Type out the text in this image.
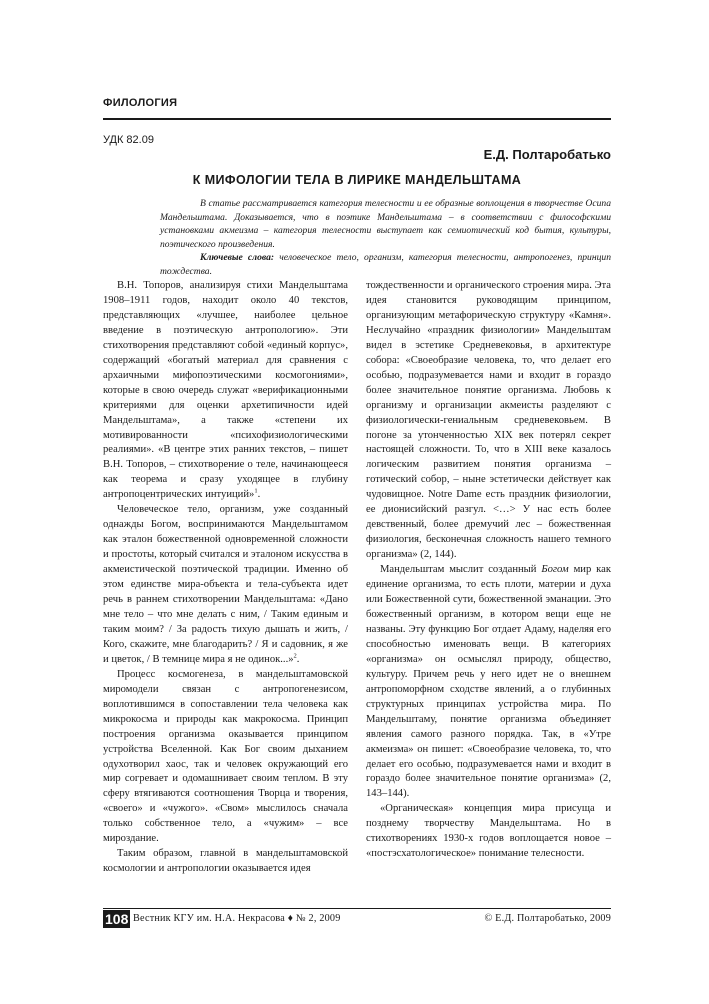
ФИЛОЛОГИЯ
УДК 82.09
Е.Д. Полтаробатько
К МИФОЛОГИИ ТЕЛА В ЛИРИКЕ МАНДЕЛЬШТАМА

В статье рассматривается категория телесности и ее образные воплощения в творчестве Осипа Мандельштама. Доказывается, что в поэтике Мандельштама – в соответствии с философскими установками акмеизма – категория телесности выступает как семиотический код бытия, культуры, поэтического произведения.

Ключевые слова: человеческое тело, организм, категория телесности, антропогенез, принцип тождества.

В.Н. Топоров, анализируя стихи Мандельштама 1908–1911 годов, находит около 40 текстов, представляющих «лучшее, наиболее цельное введение в поэтическую антропологию». Эти стихотворения представляют собой «единый корпус», содержащий «богатый материал для сравнения с архаичными мифопоэтическими космогониями», которые в свою очередь служат «верификационными критериями для оценки архетипичности идей Мандельштама», а также «степени их мотивированности «психофизиологическими реалиями». «В центре этих ранних текстов, – пишет В.Н. Топоров, – стихотворение о теле, начинающееся как теорема и сразу уходящее в глубину антропоцентрических интуиций»$^1$.

Человеческое тело, организм, уже созданный однажды Богом, воспринимаются Мандельштамом как эталон божественной одновременной сложности и простоты, который считался и эталоном искусства в акмеистической поэтической традиции. Именно об этом единстве мира-объекта и тела-субъекта идет речь в раннем стихотворении Мандельштама: «Дано мне тело – что мне делать с ним, / Таким единым и таким моим? / За радость тихую дышать и жить, / Кого, скажите, мне благодарить? / Я и садовник, я же и цветок, / В темнице мира я не одинок...»$^2$.

Процесс космогенеза, в мандельштамовской миромодели связан с антропогенезисом, воплотившимся в сопоставлении тела человека как микрокосма и природы как макрокосма. Принцип построения организма оказывается принципом устройства Вселенной. Как Бог своим дыханием одухотворил хаос, так и человек окружающий его мир согревает и одомашнивает своим теплом. В эту сферу втягиваются соотношения Творца и творения, «своего» и «чужого». «Свом» мыслилось сначала только собственное тело, а «чужим» – все мироздание.

Таким образом, главной в мандельштамовской космологии и антропологии оказывается идея

тождественности и органического строения мира. Эта идея становится руководящим принципом, организующим метафорическую структуру «Камня». Неслучайно «праздник физиологии» Мандельштам видел в эстетике Средневековья, в архитектуре собора: «Своеобразие человека, то, что делает его особью, подразумевается нами и входит в гораздо более значительное понятие организма. Любовь к организму и организации акмеисты разделяют с физиологически-гениальным средневековьем. В погоне за утонченностью XIX век потерял секрет настоящей сложности. То, что в XIII веке казалось логическим развитием понятия организма – готический собор, – ныне эстетически действует как чудовищное. Notre Dame есть праздник физиологии, ее дионисийский разгул. <…> У нас есть более девственный, более дремучий лес – божественная физиология, бесконечная сложность нашего темного организма» (2, 144).

Мандельштам мыслит созданный Богом мир как единение организма, то есть плоти, материи и духа или Божественной сути, божественной эманации. Это божественный организм, в котором вещи еще не названы. Эту функцию Бог отдает Адаму, наделяя его способностью именовать вещи. В категориях «организма» он осмыслял природу, общество, культуру. Причем речь у него идет не о внешнем антропоморфном сходстве явлений, а о глубинных структурных принципах устройства мира. По Мандельштаму, понятие организма объединяет явления самого разного порядка. Так, в «Утре акмеизма» он пишет: «Своеобразие человека, то, что делает его особью, подразумевается нами и входит в гораздо более значительное понятие организма» (2, 143–144).

«Органическая» концепция мира присуща и позднему творчеству Мандельштама. Но в стихотворениях 1930-х годов воплощается новое – «постэсхатологическое» понимание телесности.

108 Вестник КГУ им. Н.А. Некрасова ♦ № 2, 2009	© Е.Д. Полтаробатько, 2009
